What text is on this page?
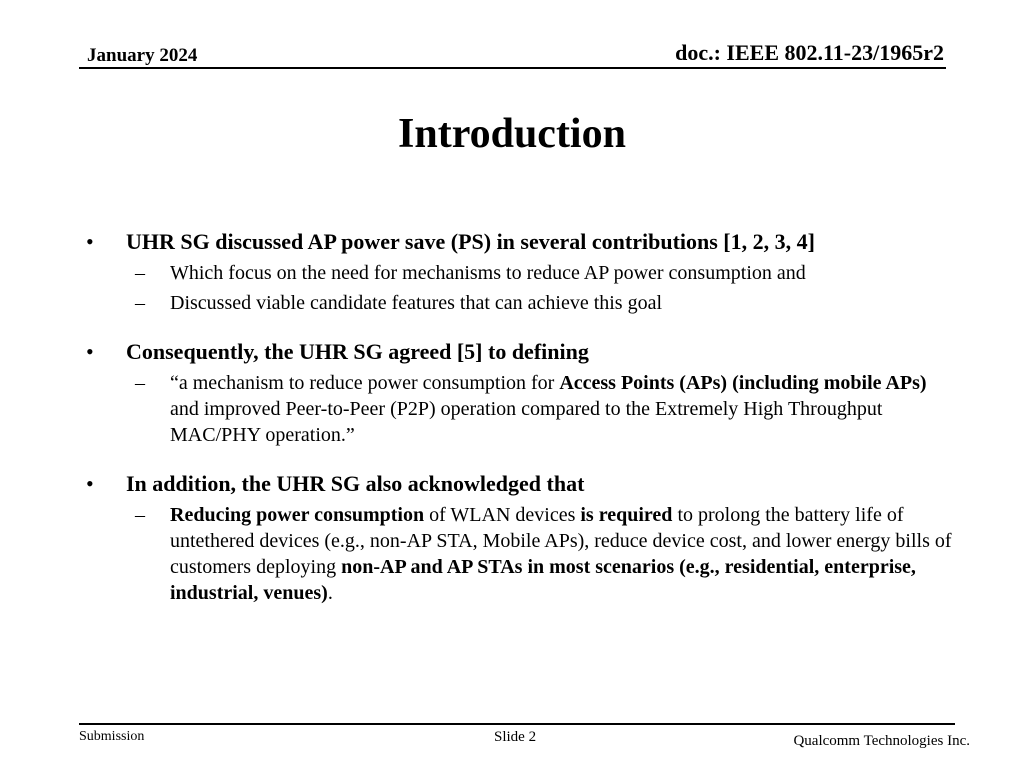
January 2024	doc.: IEEE 802.11-23/1965r2
Introduction
•	UHR SG discussed AP power save (PS) in several contributions [1, 2, 3, 4]
–	Which focus on the need for mechanisms to reduce AP power consumption and
–	Discussed viable candidate features that can achieve this goal
•	Consequently, the UHR SG agreed [5] to defining
–	“a mechanism to reduce power consumption for Access Points (APs) (including mobile APs) and improved Peer-to-Peer (P2P) operation compared to the Extremely High Throughput MAC/PHY operation.”
•	In addition, the UHR SG also acknowledged that
–	Reducing power consumption of WLAN devices is required to prolong the battery life of untethered devices (e.g., non-AP STA, Mobile APs), reduce device cost, and lower energy bills of customers deploying non-AP and AP STAs in most scenarios (e.g., residential, enterprise, industrial, venues).
Submission	Slide 2	Qualcomm Technologies Inc.
